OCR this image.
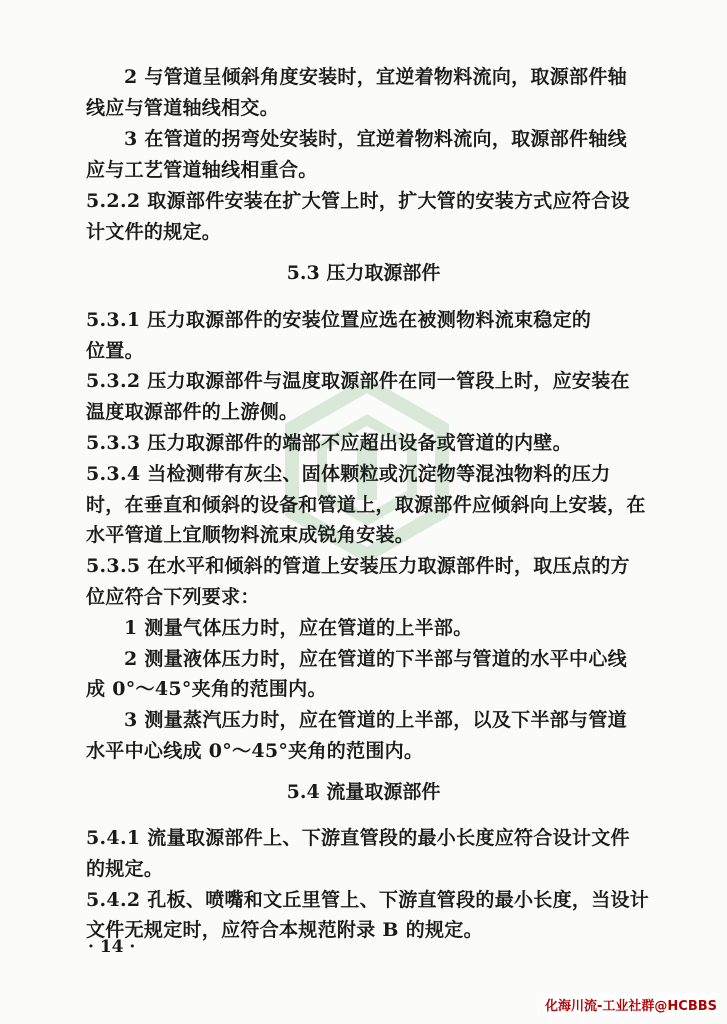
2 与管道呈倾斜角度安装时，宜逆着物料流向，取源部件轴
线应与管道轴线相交。
3 在管道的拐弯处安装时，宜逆着物料流向，取源部件轴线
应与工艺管道轴线相重合。
5.2.2 取源部件安装在扩大管上时，扩大管的安装方式应符合设
计文件的规定。
5.3 压力取源部件
5.3.1 压力取源部件的安装位置应选在被测物料流束稳定的
位置。
5.3.2 压力取源部件与温度取源部件在同一管段上时，应安装在
温度取源部件的上游侧。
5.3.3 压力取源部件的端部不应超出设备或管道的内壁。
5.3.4 当检测带有灰尘、固体颗粒或沉淀物等混浊物料的压力
时，在垂直和倾斜的设备和管道上，取源部件应倾斜向上安装，在
水平管道上宜顺物料流束成锐角安装。
5.3.5 在水平和倾斜的管道上安装压力取源部件时，取压点的方
位应符合下列要求：
1 测量气体压力时，应在管道的上半部。
2 测量液体压力时，应在管道的下半部与管道的水平中心线
成 0°～45°夹角的范围内。
3 测量蒸汽压力时，应在管道的上半部，以及下半部与管道
水平中心线成 0°～45°夹角的范围内。
5.4 流量取源部件
5.4.1 流量取源部件上、下游直管段的最小长度应符合设计文件
的规定。
5.4.2 孔板、喷嘴和文丘里管上、下游直管段的最小长度，当设计
文件无规定时，应符合本规范附录 B 的规定。
· 14 ·
化海川流-工业社群@HCBBS
